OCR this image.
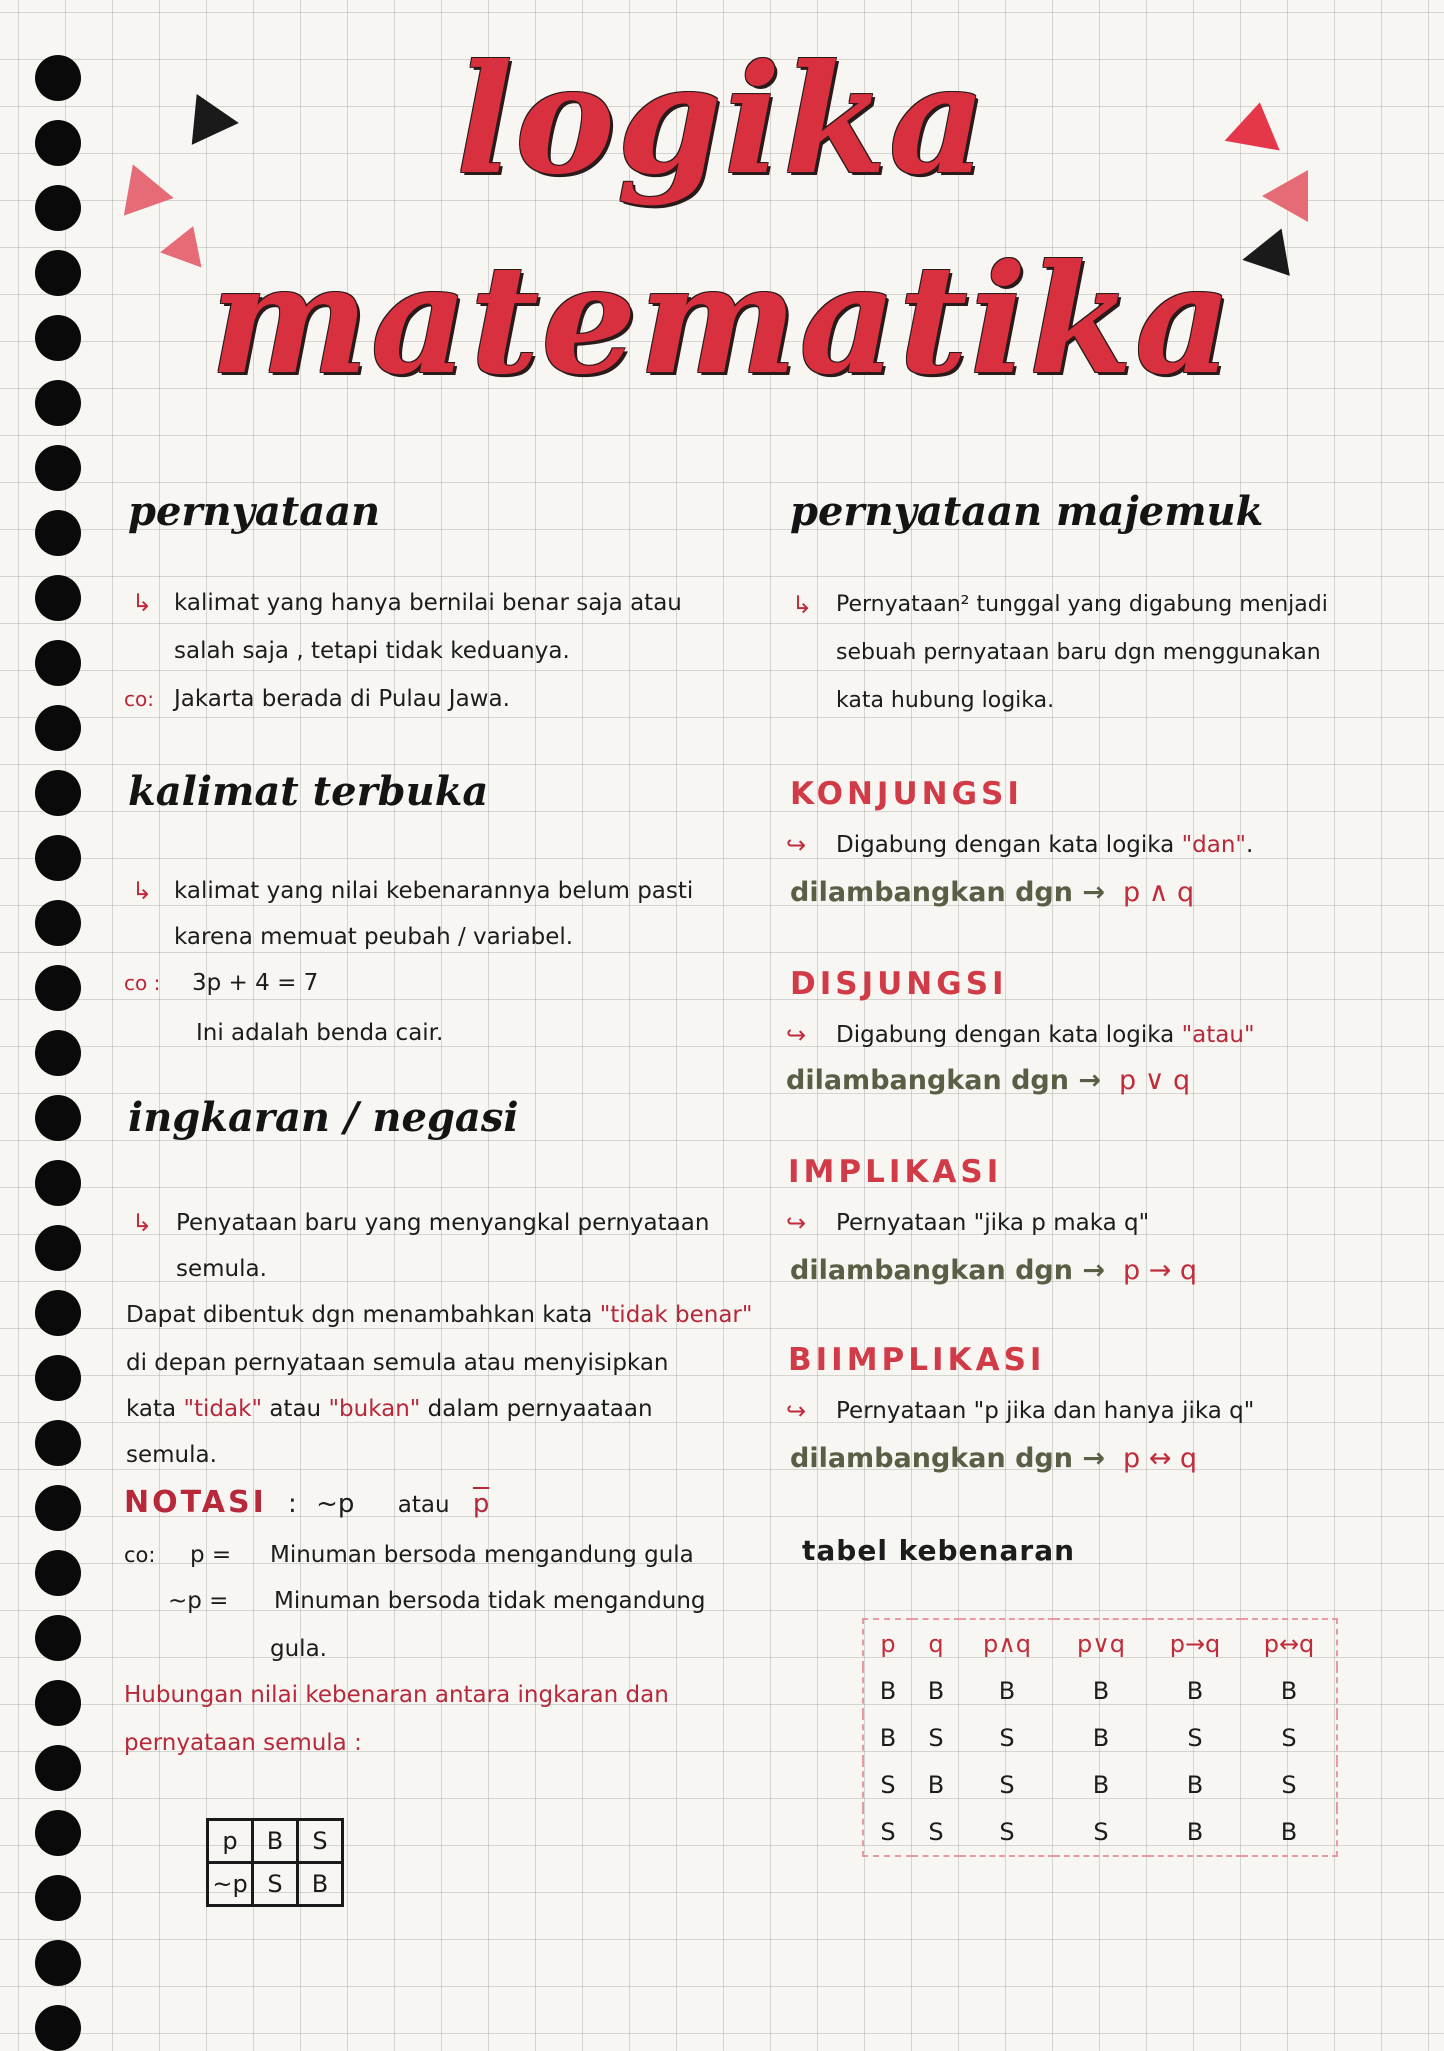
logika
matematika
pernyataan
↳ kalimat yang hanya bernilai benar saja atau
salah saja , tetapi tidak keduanya.
co: Jakarta berada di Pulau Jawa.
kalimat terbuka
↳ kalimat yang nilai kebenarannya belum pasti
karena memuat peubah / variabel.
co : 3p + 4 = 7
Ini adalah benda cair.
ingkaran / negasi
↳ Penyataan baru yang menyangkal pernyataan
semula.
Dapat dibentuk dgn menambahkan kata "tidak benar"
di depan pernyataan semula atau menyisipkan
kata "tidak" atau "bukan" dalam pernyaataan
semula.
NOTASI : ~p atau $\overline{p}$
co: p = Minuman bersoda mengandung gula
~p = Minuman bersoda tidak mengandung
gula.
Hubungan nilai kebenaran antara ingkaran dan
pernyataan semula :
p	B	S
~p	S	B
pernyataan majemuk
↳ Pernyataan² tunggal yang digabung menjadi
sebuah pernyataan baru dgn menggunakan
kata hubung logika.
KONJUNGSI
↪ Digabung dengan kata logika "dan".
dilambangkan dgn → p ∧ q
DISJUNGSI
↪ Digabung dengan kata logika "atau"
dilambangkan dgn → p ∨ q
IMPLIKASI
↪ Pernyataan "jika p maka q"
dilambangkan dgn → p → q
BIIMPLIKASI
↪ Pernyataan "p jika dan hanya jika q"
dilambangkan dgn → p ↔ q
tabel kebenaran
p	q	p∧q	p∨q	p→q	p↔q
B	B	B	B	B	B
B	S	S	B	S	S
S	B	S	B	B	S
S	S	S	S	B	B
